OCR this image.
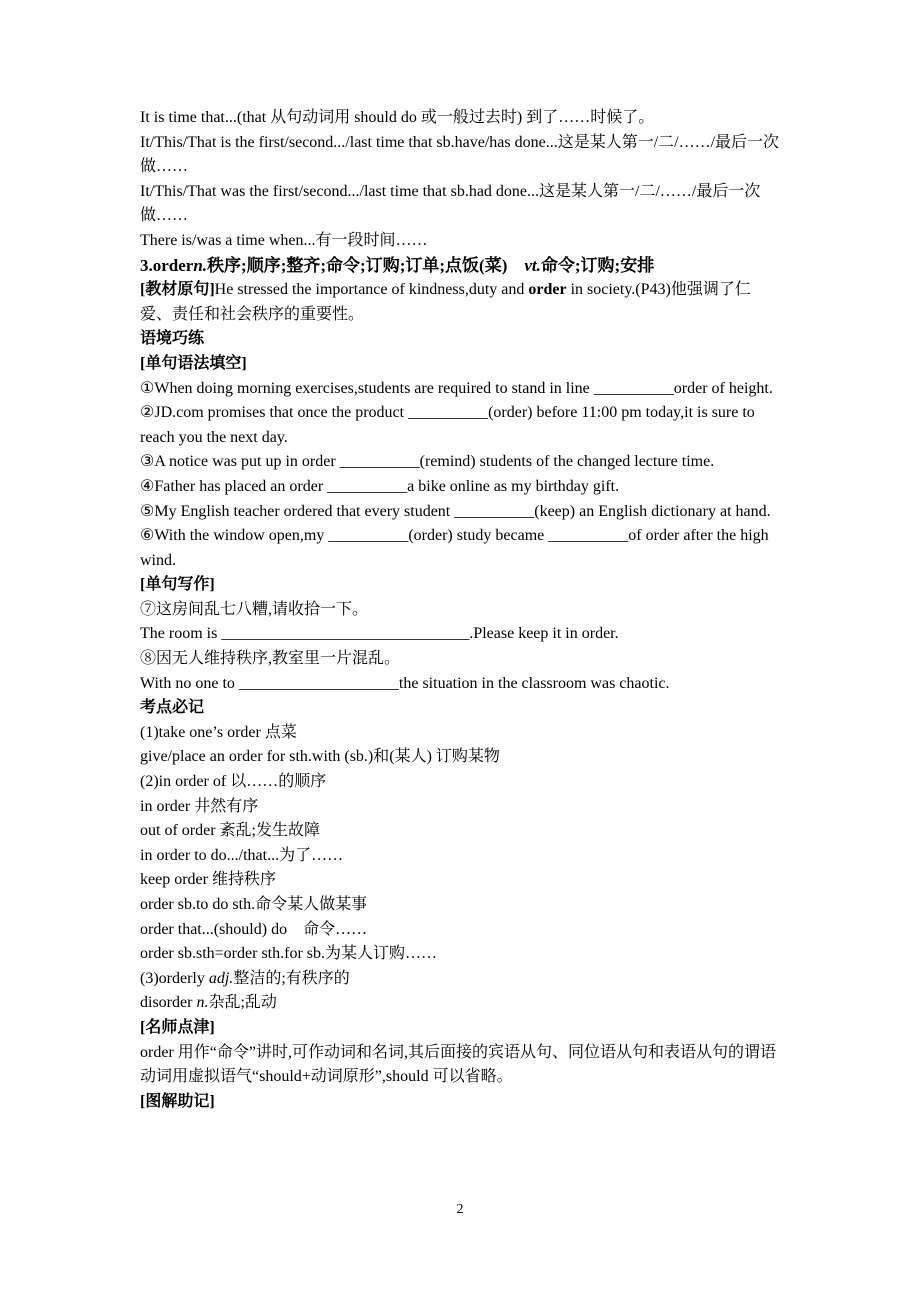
It is time that...(that 从句动词用 should do 或一般过去时) 到了……时候了。

It/This/That is the first/second.../last time that sb.have/has done...这是某人第一/二/……/最后一次做……

It/This/That was the first/second.../last time that sb.had done...这是某人第一/二/……/最后一次做……

There is/was a time when...有一段时间……

3.ordern.秩序;顺序;整齐;命令;订购;订单;点饭(菜)　vt.命令;订购;安排

[教材原句]He stressed the importance of kindness,duty and order in society.(P43)他强调了仁爱、责任和社会秩序的重要性。

语境巧练

[单句语法填空]

①When doing morning exercises,students are required to stand in line __________order of height.

②JD.com promises that once the product __________(order) before 11:00 pm today,it is sure to reach you the next day.

③A notice was put up in order __________(remind) students of the changed lecture time.

④Father has placed an order __________a bike online as my birthday gift.

⑤My English teacher ordered that every student __________(keep) an English dictionary at hand.

⑥With the window open,my __________(order) study became __________of order after the high wind.

[单句写作]

⑦这房间乱七八糟,请收拾一下。

The room is _______________________________.Please keep it in order.

⑧因无人维持秩序,教室里一片混乱。

With no one to ____________________the situation in the classroom was chaotic.

考点必记

(1)take one’s order 点菜

give/place an order for sth.with (sb.)和(某人) 订购某物

(2)in order of 以……的顺序

in order 井然有序

out of order 紊乱;发生故障

in order to do.../that...为了……

keep order 维持秩序

order sb.to do sth.命令某人做某事

order that...(should) do　命令……

order sb.sth=order sth.for sb.为某人订购……

(3)orderly adj.整洁的;有秩序的

disorder n.杂乱;乱动

[名师点津]

order 用作“命令”讲时,可作动词和名词,其后面接的宾语从句、同位语从句和表语从句的谓语动词用虚拟语气“should+动词原形”,should 可以省略。

[图解助记]

2
